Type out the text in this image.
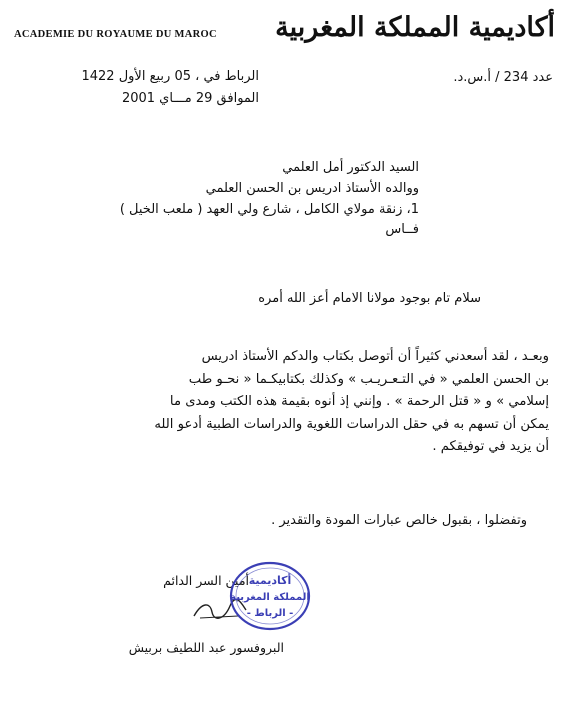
ACADEMIE DU ROYAUME DU MAROC أكاديمية المملكة المغربية
عدد 234 / أ.س.د.
الرباط في ، 05 ربيع الأول 1422
الموافق 29 مـــاي 2001
السيد الدكتور أمل العلمي
ووالده الأستاذ ادريس بن الحسن العلمي
1، زنقة مولاي الكامل ، شارع ولي العهد ( ملعب الخيل )
فــاس
سلام تام بوجود مولانا الامام أعز الله أمره
وبعـد ، لقد أسعدني كثيراً أن أتوصل بكتاب والدكم الأستاذ ادريس
بن الحسن العلمي « في التـعـريـب » وكذلك بكتابيكـما « نحـو طب
إسلامي » و « قتل الرحمة » . وإنني إذ أنوه بقيمة هذه الكتب ومدى ما
يمكن أن تسهم به في حقل الدراسات اللغوية والدراسات الطبية أدعو الله
أن يزيد في توفيقكم .
وتفضلوا ، بقبول خالص عبارات المودة والتقدير .
أمين السر الدائم أكاديمية
المملكة المغربية
- الرباط -
البروفسور عبد اللطيف بربيش
